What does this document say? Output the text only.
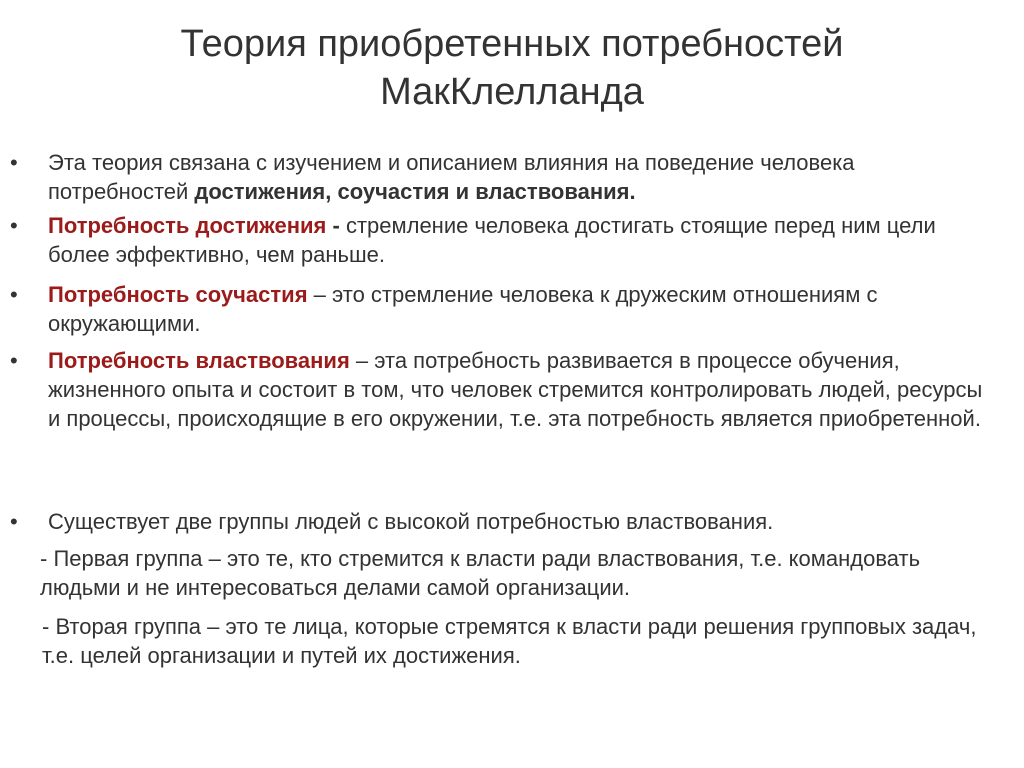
Теория приобретенных потребностей
МакКлелланда
• Эта теория связана с изучением и описанием влияния на поведение человека потребностей достижения, соучастия и властвования.
• Потребность достижения - стремление человека достигать стоящие перед ним цели более эффективно, чем раньше.
• Потребность соучастия – это стремление человека к дружеским отношениям с окружающими.
• Потребность властвования – эта потребность развивается в процессе обучения, жизненного опыта и состоит в том, что человек стремится контролировать людей, ресурсы и процессы, происходящие в его окружении, т.е. эта потребность является приобретенной.
• Существует две группы людей с высокой потребностью властвования.
- Первая группа – это те, кто стремится к власти ради властвования, т.е. командовать людьми и не интересоваться делами самой организации.
- Вторая группа – это те лица, которые стремятся к власти ради решения групповых задач, т.е. целей организации и путей их достижения.
